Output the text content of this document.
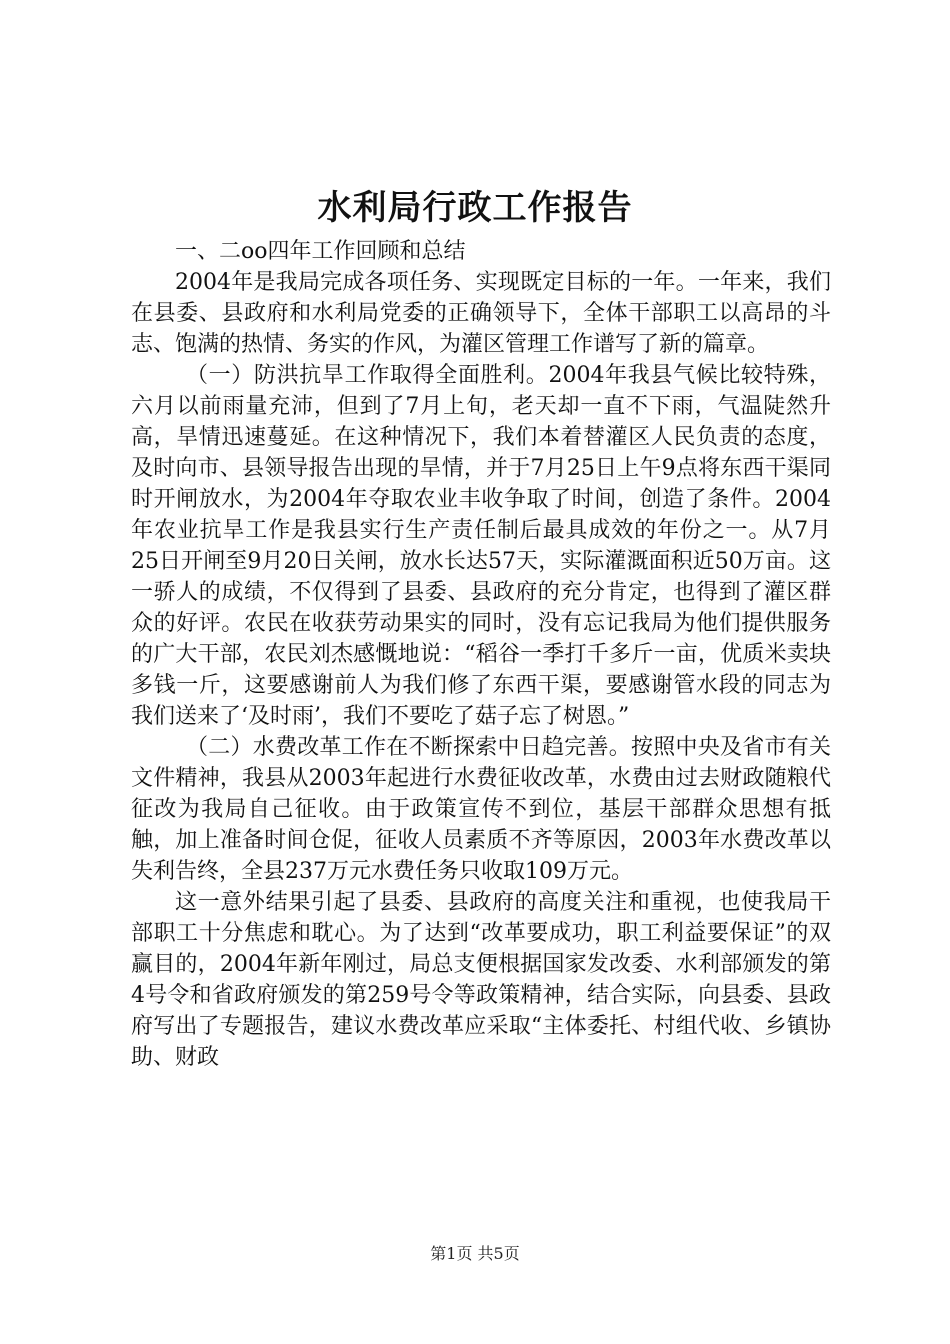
水利局行政工作报告

一、二oo四年工作回顾和总结

2004年是我局完成各项任务、实现既定目标的一年。一年来，我们在县委、县政府和水利局党委的正确领导下，全体干部职工以高昂的斗志、饱满的热情、务实的作风，为灌区管理工作谱写了新的篇章。

（一）防洪抗旱工作取得全面胜利。2004年我县气候比较特殊，六月以前雨量充沛，但到了7月上旬，老天却一直不下雨，气温陡然升高，旱情迅速蔓延。在这种情况下，我们本着替灌区人民负责的态度，及时向市、县领导报告出现的旱情，并于7月25日上午9点将东西干渠同时开闸放水，为2004年夺取农业丰收争取了时间，创造了条件。2004年农业抗旱工作是我县实行生产责任制后最具成效的年份之一。从7月25日开闸至9月20日关闸，放水长达57天，实际灌溉面积近50万亩。这一骄人的成绩，不仅得到了县委、县政府的充分肯定，也得到了灌区群众的好评。农民在收获劳动果实的同时，没有忘记我局为他们提供服务的广大干部，农民刘杰感慨地说：“稻谷一季打千多斤一亩，优质米卖块多钱一斤，这要感谢前人为我们修了东西干渠，要感谢管水段的同志为我们送来了‘及时雨’，我们不要吃了菇子忘了树恩。”

（二）水费改革工作在不断探索中日趋完善。按照中央及省市有关文件精神，我县从2003年起进行水费征收改革，水费由过去财政随粮代征改为我局自己征收。由于政策宣传不到位，基层干部群众思想有抵触，加上准备时间仓促，征收人员素质不齐等原因，2003年水费改革以失利告终，全县237万元水费任务只收取109万元。

这一意外结果引起了县委、县政府的高度关注和重视，也使我局干部职工十分焦虑和耽心。为了达到“改革要成功，职工利益要保证”的双赢目的，2004年新年刚过，局总支便根据国家发改委、水利部颁发的第4号令和省政府颁发的第259号令等政策精神，结合实际，向县委、县政府写出了专题报告，建议水费改革应采取“主体委托、村组代收、乡镇协助、财政

第1页 共5页
